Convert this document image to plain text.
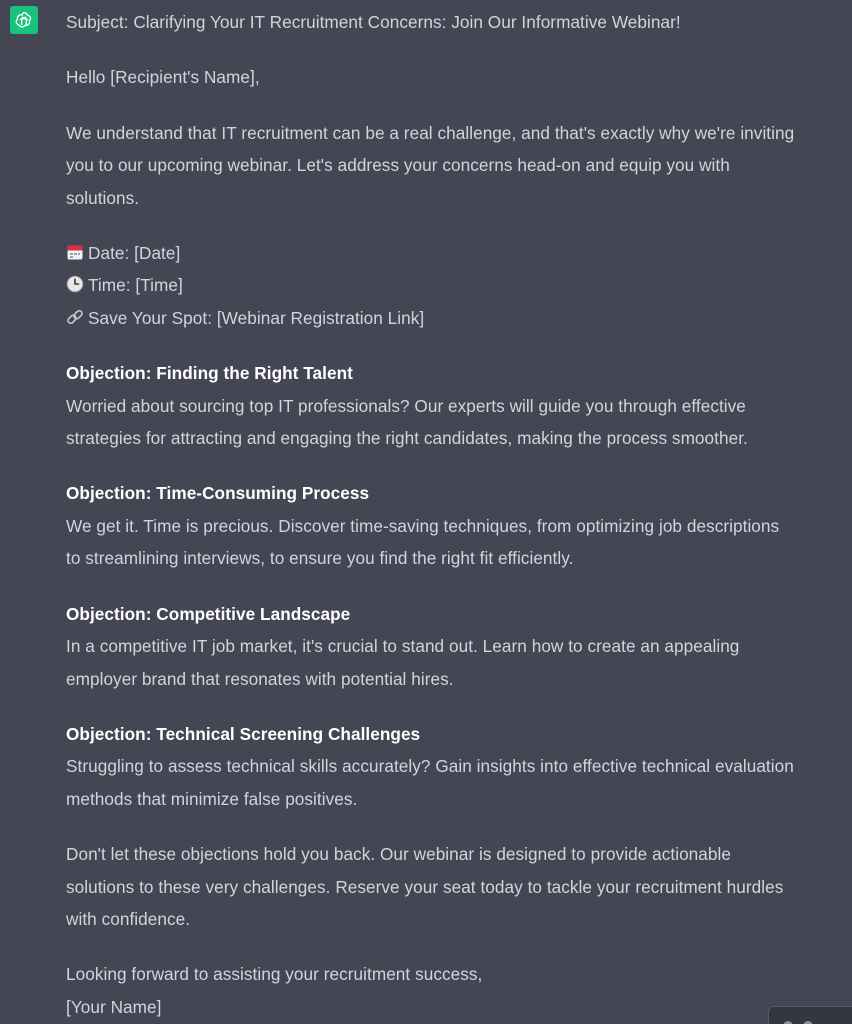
Subject: Clarifying Your IT Recruitment Concerns: Join Our Informative Webinar!

Hello [Recipient's Name],

We understand that IT recruitment can be a real challenge, and that's exactly why we're inviting
you to our upcoming webinar. Let's address your concerns head-on and equip you with
solutions.

Date: [Date]
Time: [Time]
Save Your Spot: [Webinar Registration Link]

Objection: Finding the Right Talent
Worried about sourcing top IT professionals? Our experts will guide you through effective
strategies for attracting and engaging the right candidates, making the process smoother.

Objection: Time-Consuming Process
We get it. Time is precious. Discover time-saving techniques, from optimizing job descriptions
to streamlining interviews, to ensure you find the right fit efficiently.

Objection: Competitive Landscape
In a competitive IT job market, it's crucial to stand out. Learn how to create an appealing
employer brand that resonates with potential hires.

Objection: Technical Screening Challenges
Struggling to assess technical skills accurately? Gain insights into effective technical evaluation
methods that minimize false positives.

Don't let these objections hold you back. Our webinar is designed to provide actionable
solutions to these very challenges. Reserve your seat today to tackle your recruitment hurdles
with confidence.

Looking forward to assisting your recruitment success,
[Your Name]
